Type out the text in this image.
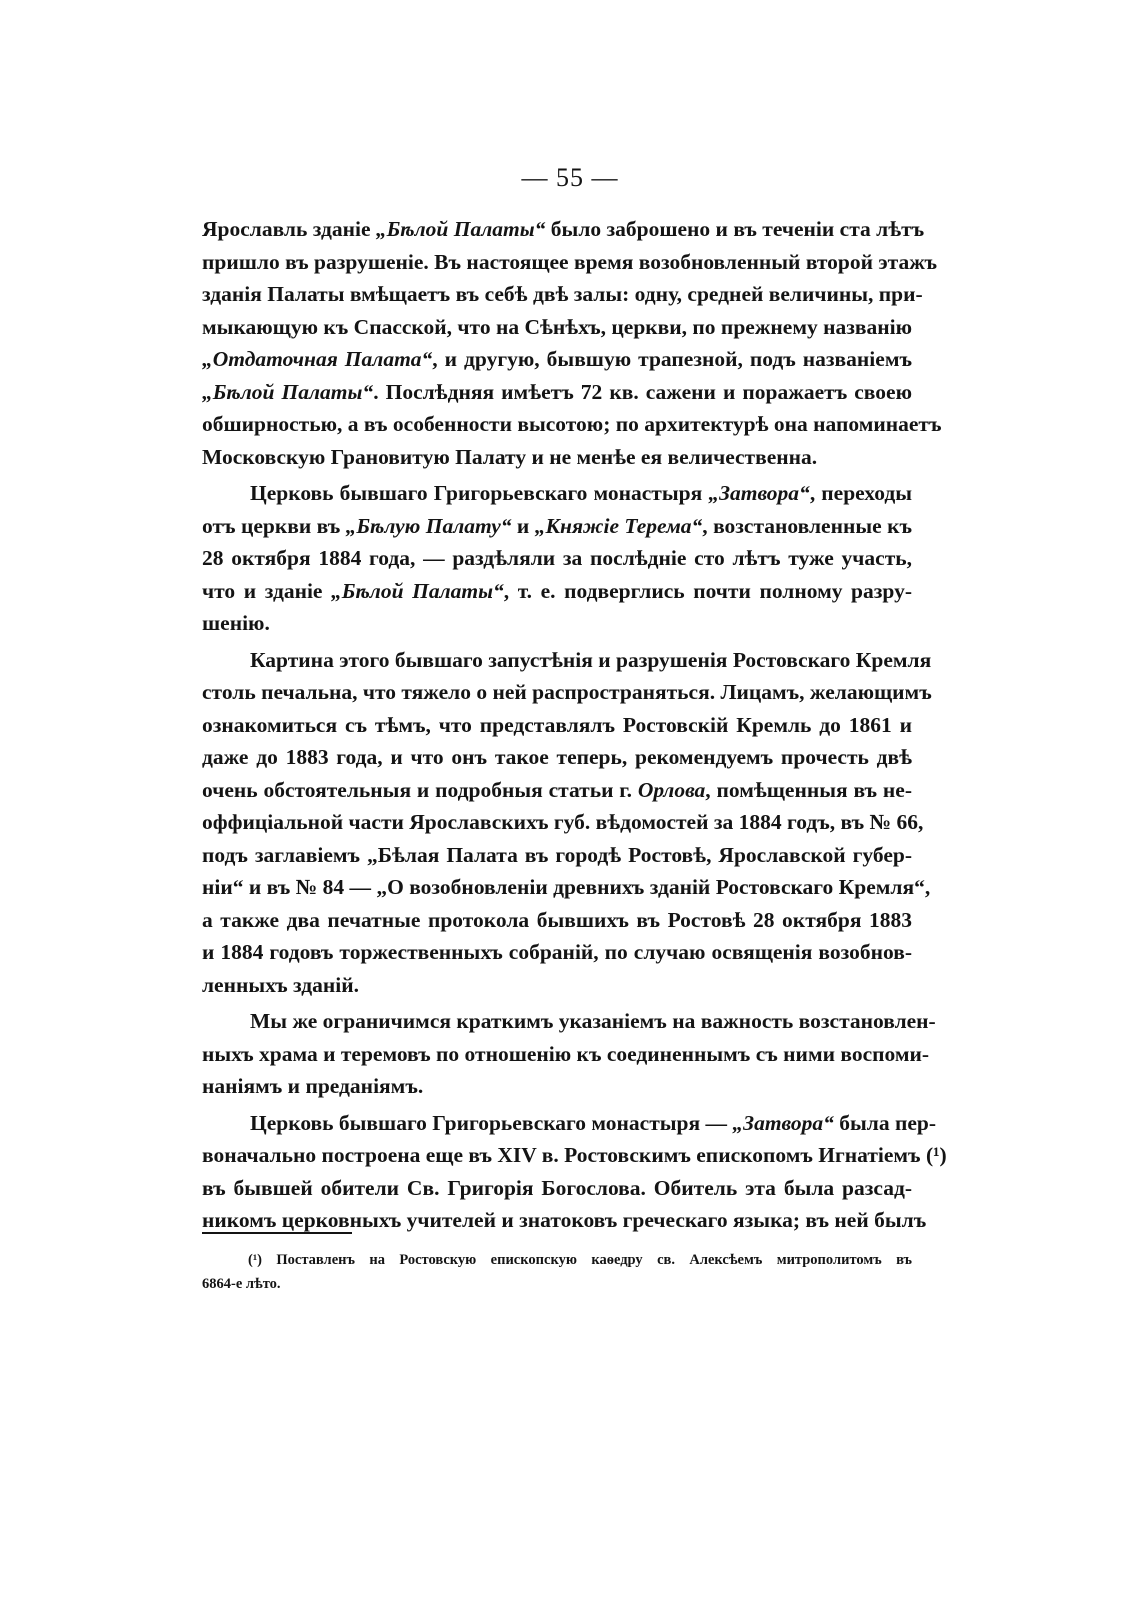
— 55 —
Ярославль зданіе „Бѣлой Палаты“ было заброшено и въ теченіи ста лѣтъ
пришло въ разрушеніе. Въ настоящее время возобновленный второй этажъ
зданія Палаты вмѣщаетъ въ себѣ двѣ залы: одну, средней величины, при-
мыкающую къ Спасской, что на Сѣнѣхъ, церкви, по прежнему названію
„Отдаточная Палата“, и другую, бывшую трапезной, подъ названіемъ
„Бѣлой Палаты“. Послѣдняя имѣетъ 72 кв. сажени и поражаетъ своею
обширностью, а въ особенности высотою; по архитектурѣ она напоминаетъ
Московскую Грановитую Палату и не менѣе ея величественна.
Церковь бывшаго Григорьевскаго монастыря „Затвора“, переходы
отъ церкви въ „Бѣлую Палату“ и „Княжіе Терема“, возстановленные къ
28 октября 1884 года, — раздѣляли за послѣдніе сто лѣтъ туже участь,
что и зданіе „Бѣлой Палаты“, т. е. подверглись почти полному разру-
шенію.
Картина этого бывшаго запустѣнія и разрушенія Ростовскаго Кремля
столь печальна, что тяжело о ней распространяться. Лицамъ, желающимъ
ознакомиться съ тѣмъ, что представлялъ Ростовскій Кремль до 1861 и
даже до 1883 года, и что онъ такое теперь, рекомендуемъ прочесть двѣ
очень обстоятельныя и подробныя статьи г. Орлова, помѣщенныя въ не-
оффиціальной части Ярославскихъ губ. вѣдомостей за 1884 годъ, въ № 66,
подъ заглавіемъ „Бѣлая Палата въ городѣ Ростовѣ, Ярославской губер-
ніи“ и въ № 84 — „О возобновленіи древнихъ зданій Ростовскаго Кремля“,
а также два печатные протокола бывшихъ въ Ростовѣ 28 октября 1883
и 1884 годовъ торжественныхъ собраній, по случаю освященія возобнов-
ленныхъ зданій.
Мы же ограничимся краткимъ указаніемъ на важность возстановлен-
ныхъ храма и теремовъ по отношенію къ соединеннымъ съ ними воспоми-
наніямъ и преданіямъ.
Церковь бывшаго Григорьевскаго монастыря — „Затвора“ была пер-
воначально построена еще въ XIV в. Ростовскимъ епископомъ Игнатіемъ (¹)
въ бывшей обители Св. Григорія Богослова. Обитель эта была разсад-
никомъ церковныхъ учителей и знатоковъ греческаго языка; въ ней былъ
(¹) Поставленъ на Ростовскую епископскую каѳедру св. Алексѣемъ митрополитомъ въ
6864-е лѣто.
